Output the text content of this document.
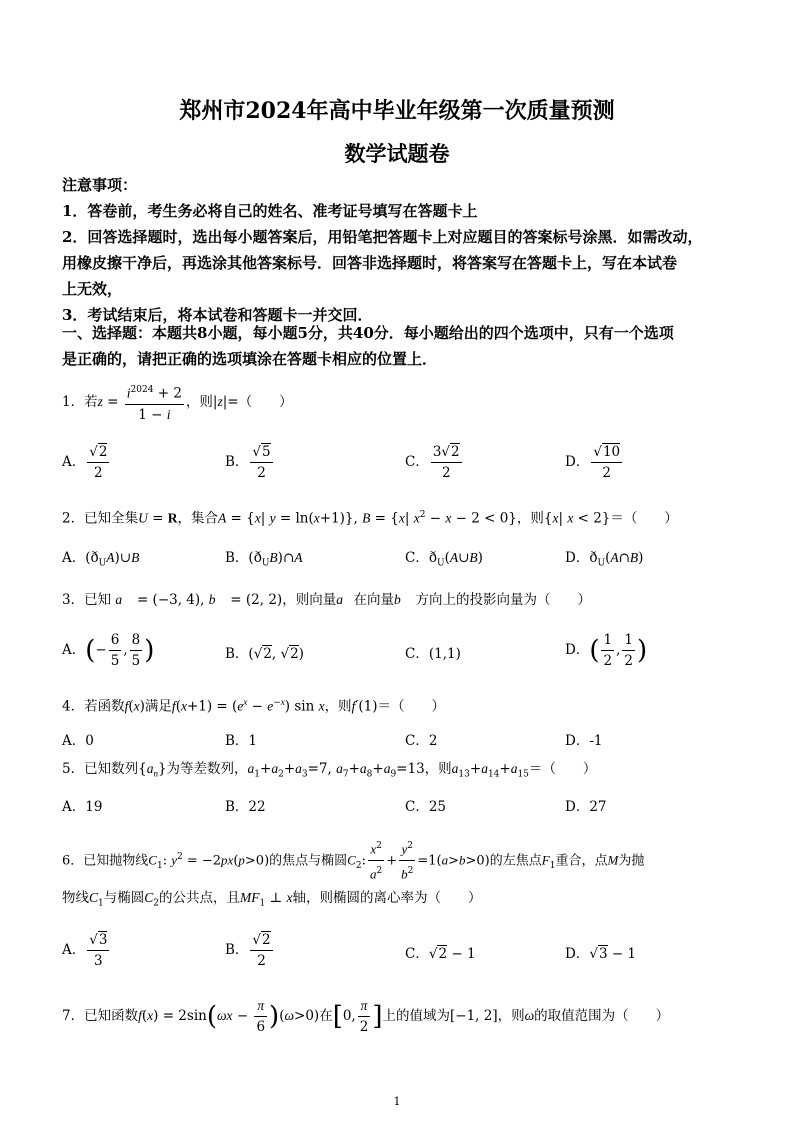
郑州市2024年高中毕业年级第一次质量预测
数学试题卷
注意事项：
1．答卷前，考生务必将自己的姓名、准考证号填写在答题卡上
2．回答选择题时，选出每小题答案后，用铅笔把答题卡上对应题目的答案标号涂黑．如需改动，
用橡皮擦干净后，再选涂其他答案标号．回答非选择题时，将答案写在答题卡上，写在本试卷
上无效，
3．考试结束后，将本试卷和答题卡一并交回．
一、选择题：本题共8小题，每小题5分，共40分．每小题给出的四个选项中，只有一个选项
是正确的，请把正确的选项填涂在答题卡相应的位置上．
1．若$z = \frac{i^{2024} + 2}{1 - i}$ ，则|z|=（　　）
A． $\frac{√2}{2}$	B． $\frac{√5}{2}$	C． $\frac{3√2}{2}$	D． $\frac{√10}{2}$
2．已知全集U = R，集合A = {x| y = ln(x+1)}, B = {x| $x^2 - x - 2 < 0$}，则{x| x < 2}＝（　　）
A．$(ð_UA)\cup B$	B．$(ð_UB)\cap A$	C．$ð_U(A\cup B)$	D．$ð_U(A\cap B)$
3．已知 a⃗ = (−3, 4), b⃗ = (2, 2)，则向量a⃗在向量b⃗ 方向上的投影向量为（　　）
A．(− $\frac{6}{5}$ , $\frac{8}{5}$ )	B．(√2, √2)	C．(1,1)	D．( $\frac{1}{2}$ , $\frac{1}{2}$ )
4．若函数f(x)满足$f(x+1) = (e^x - e^{-x})$ sin x，则f′(1)＝（　　）
A．0	B．1	C．2	D．-1
5．已知数列$\{a_n\}$为等差数列，$a_1+a_2+a_3=7$, $a_7+a_8+a_9=13$，则$a_{13}+a_{14}+a_{15}=$（　　）
A．19	B．22	C．25	D．27
6．已知抛物线$C_1$: $y^2 = -2px(p>0)$的焦点与椭圆$C_2$: $\frac{x^2}{a^2} + \frac{y^2}{b^2} =1(a>b>0)$的左焦点$F_1$重合，点M为抛
物线$C_1$与椭圆$C_2$的公共点，且$MF_1$ ⊥ x轴，则椭圆的离心率为（　　）
A． $\frac{√3}{3}$	B． $\frac{√2}{2}$	C．√2 − 1	D．√3 − 1
7．已知函数$f(x) = 2\sin(\omega x - \frac{\pi}{6} )(\omega>0)$在[0, $\frac{\pi}{2}$ ]上的值域为[−1, 2]，则ω的取值范围为（　　）
1
